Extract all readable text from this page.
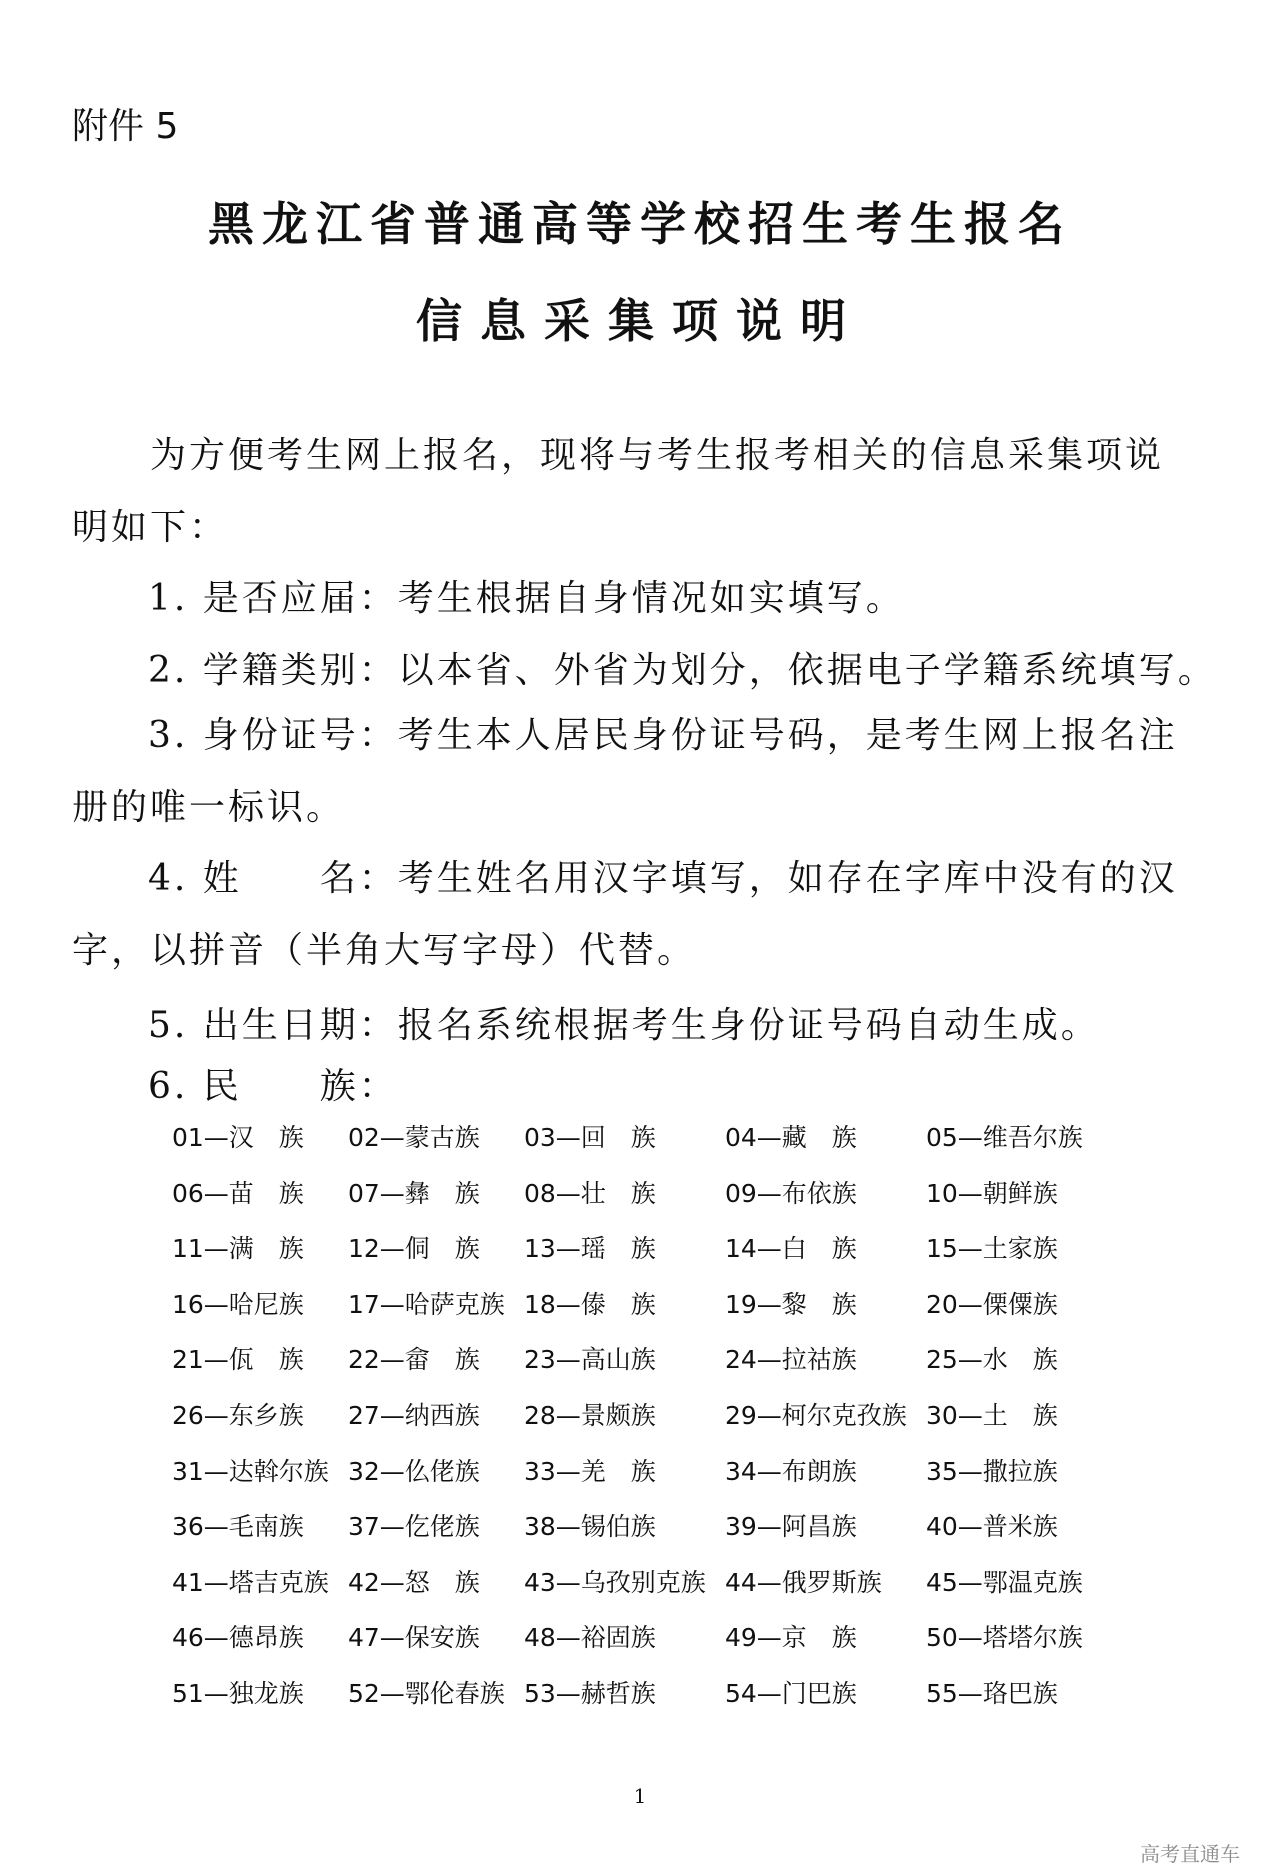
附件 5
黑龙江省普通高等学校招生考生报名
信息采集项说明
为方便考生网上报名，现将与考生报考相关的信息采集项说明如下：
1. 是否应届：考生根据自身情况如实填写。
2. 学籍类别：以本省、外省为划分，依据电子学籍系统填写。
3. 身份证号：考生本人居民身份证号码，是考生网上报名注册的唯一标识。
4. 姓　　名：考生姓名用汉字填写，如存在字库中没有的汉字，以拼音（半角大写字母）代替。
5. 出生日期：报名系统根据考生身份证号码自动生成。
6. 民　　族：
01—汉　族 02—蒙古族 03—回　族	04—藏　族	05—维吾尔族
06—苗　族 07—彝　族 08—壮　族	09—布依族	10—朝鲜族
11—满　族 12—侗　族 13—瑶　族	14—白　族	15—土家族
16—哈尼族 17—哈萨克族 18—傣　族	19—黎　族	20—傈僳族
21—佤　族 22—畲　族 23—高山族	24—拉祜族	25—水　族
26—东乡族 27—纳西族 28—景颇族	29—柯尔克孜族 30—土　族
31—达斡尔族 32—仫佬族 33—羌　族	34—布朗族	35—撒拉族
36—毛南族 37—仡佬族 38—锡伯族	39—阿昌族	40—普米族
41—塔吉克族 42—怒　族 43—乌孜别克族 44—俄罗斯族 45—鄂温克族
46—德昂族 47—保安族 48—裕固族	49—京　族	50—塔塔尔族
51—独龙族 52—鄂伦春族 53—赫哲族	54—门巴族	55—珞巴族
1
高考直通车
